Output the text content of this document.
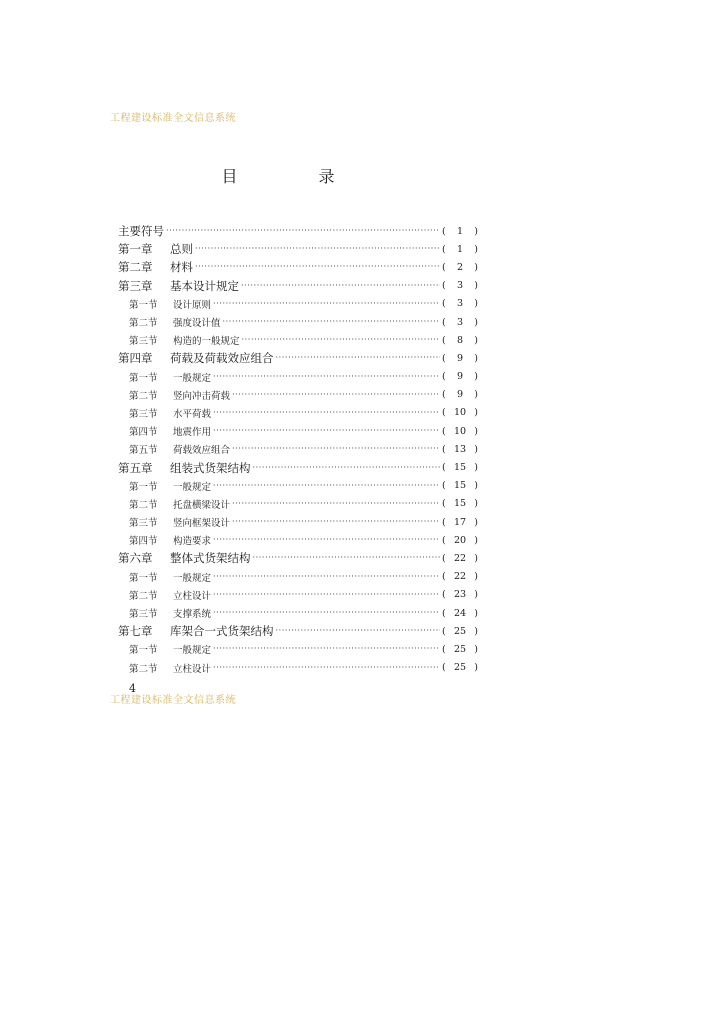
工程建设标准全文信息系统
目 录
主要符号 ·····	(	1	)
第一章	总则 ·····	(	1	)
第二章	材料 ·····	(	2	)
第三章	基本设计规定 ·····	(	3	)
第一节	设计原则 ·····	(	3	)
第二节	强度设计值 ·····	(	3	)
第三节	构造的一般规定 ·····	(	8	)
第四章	荷载及荷载效应组合 ·····	(	9	)
第一节	一般规定 ·····	(	9	)
第二节	竖向冲击荷载 ·····	(	9	)
第三节	水平荷载 ·····	( 10 )
第四节	地震作用 ·····	( 10 )
第五节	荷载效应组合 ·····	( 13 )
第五章	组装式货架结构 ·····	( 15 )
第一节	一般规定 ·····	( 15 )
第二节	托盘横梁设计 ·····	( 15 )
第三节	竖向框架设计 ·····	( 17 )
第四节	构造要求 ·····	( 20 )
第六章	整体式货架结构 ·····	( 22 )
第一节	一般规定 ·····	( 22 )
第二节	立柱设计 ·····	( 23 )
第三节	支撑系统 ·····	( 24 )
第七章	库架合一式货架结构 ·····	( 25 )
第一节	一般规定 ·····	( 25 )
第二节	立柱设计 ·····	( 25 )
4
工程建设标准全文信息系统
